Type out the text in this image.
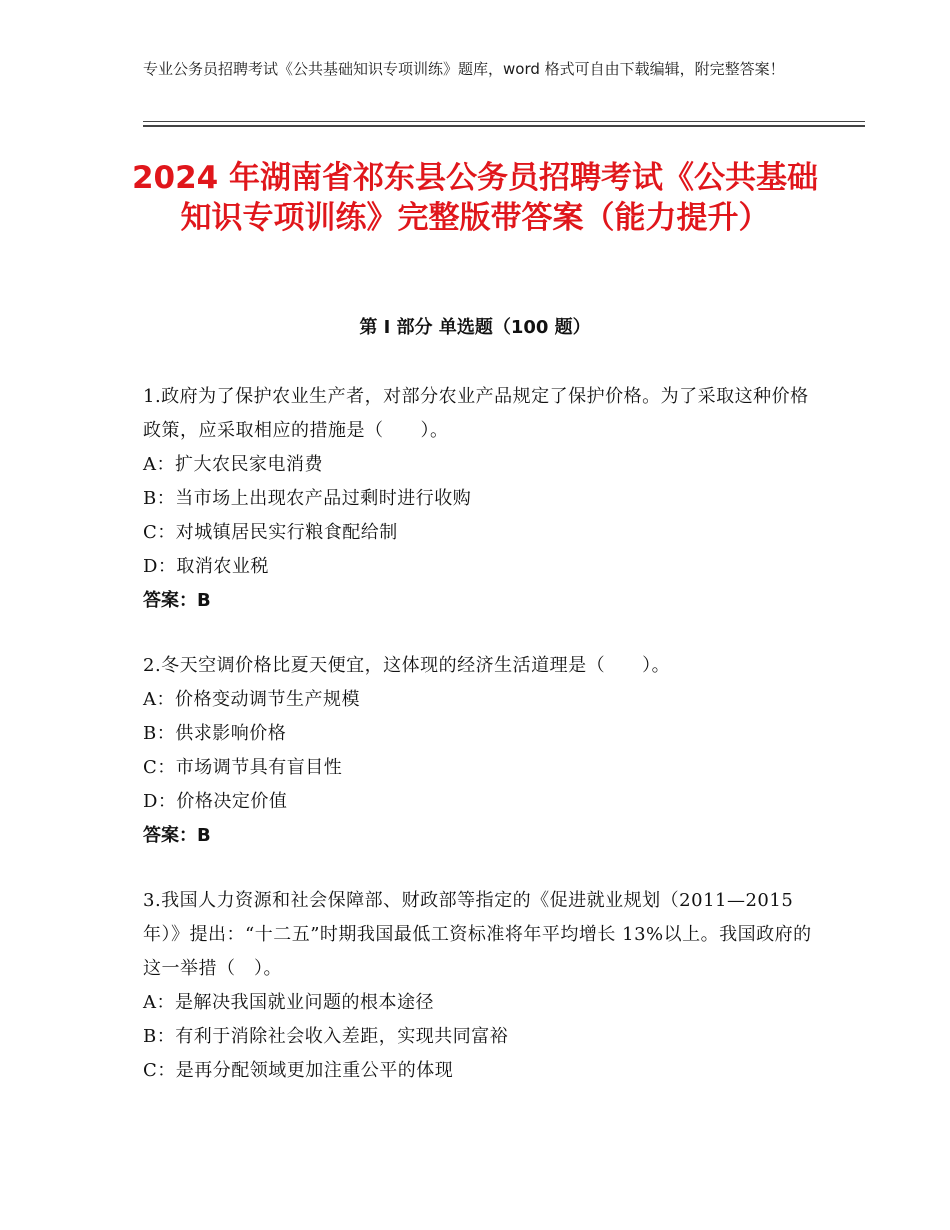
专业公务员招聘考试《公共基础知识专项训练》题库，word 格式可自由下载编辑，附完整答案！
2024 年湖南省祁东县公务员招聘考试《公共基础知识专项训练》完整版带答案（能力提升）
第 I 部分 单选题（100 题）

1.政府为了保护农业生产者，对部分农业产品规定了保护价格。为了采取这种价格政策，应采取相应的措施是（　　）。

A：扩大农民家电消费

B：当市场上出现农产品过剩时进行收购

C：对城镇居民实行粮食配给制

D：取消农业税

答案：B

2.冬天空调价格比夏天便宜，这体现的经济生活道理是（　　）。

A：价格变动调节生产规模

B：供求影响价格

C：市场调节具有盲目性

D：价格决定价值

答案：B

3.我国人力资源和社会保障部、财政部等指定的《促进就业规划（2011—2015 年）》提出：“十二五”时期我国最低工资标准将年平均增长 13%以上。我国政府的这一举措（　）。

A：是解决我国就业问题的根本途径

B：有利于消除社会收入差距，实现共同富裕

C：是再分配领域更加注重公平的体现
